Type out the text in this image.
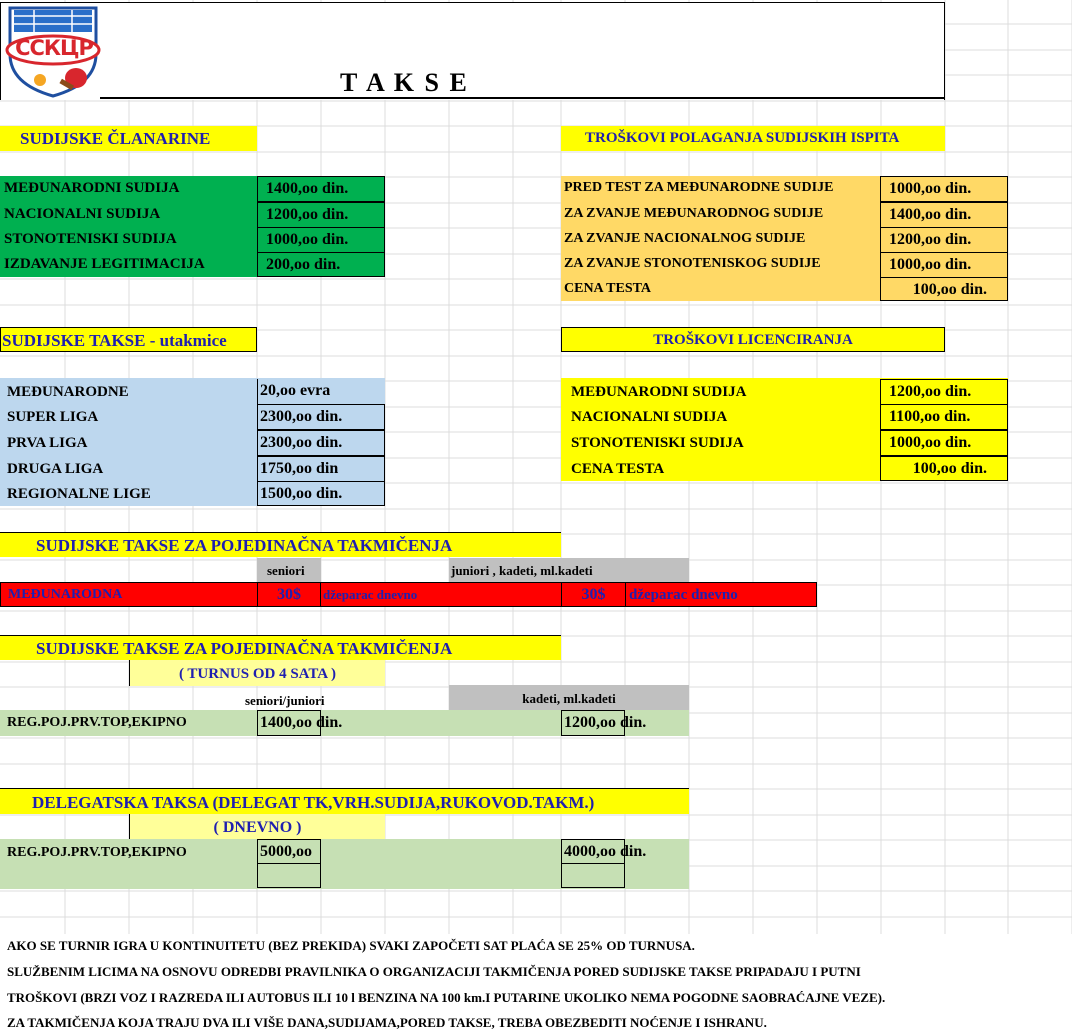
ССКЦР
T A K S E
SUDIJSKE ČLANARINE
MEĐUNARODNI SUDIJA	1400,oo din.
NACIONALNI SUDIJA	1200,oo din.
STONOTENISKI SUDIJA	1000,oo din.
IZDAVANJE LEGITIMACIJA	200,oo din.
TROŠKOVI POLAGANJA SUDIJSKIH ISPITA
PRED TEST ZA MEĐUNARODNE SUDIJE	1000,oo din.
ZA ZVANJE MEĐUNARODNOG SUDIJE	1400,oo din.
ZA ZVANJE NACIONALNOG SUDIJE	1200,oo din.
ZA ZVANJE STONOTENISKOG SUDIJE	1000,oo din.
CENA TESTA	100,oo din.
SUDIJSKE TAKSE - utakmice
MEĐUNARODNE	20,oo evra
SUPER LIGA	2300,oo din.
PRVA LIGA	2300,oo din.
DRUGA LIGA	1750,oo din
REGIONALNE LIGE	1500,oo din.
TROŠKOVI LICENCIRANJA
MEĐUNARODNI SUDIJA	1200,oo din.
NACIONALNI SUDIJA	1100,oo din.
STONOTENISKI SUDIJA	1000,oo din.
CENA TESTA	100,oo din.
SUDIJSKE TAKSE ZA POJEDINAČNA TAKMIČENJA
seniori	juniori , kadeti, ml.kadeti
MEĐUNARODNA	30$	džeparac dnevno	30$	džeparac dnevno
SUDIJSKE TAKSE ZA POJEDINAČNA TAKMIČENJA
( TURNUS OD 4 SATA )
seniori/juniori	kadeti, ml.kadeti
REG.POJ.PRV.TOP,EKIPNO	1400,oo din.	1200,oo din.
DELEGATSKA TAKSA (DELEGAT TK,VRH.SUDIJA,RUKOVOD.TAKM.)
( DNEVNO )
REG.POJ.PRV.TOP,EKIPNO	5000,oo	4000,oo din.
AKO SE TURNIR IGRA U KONTINUITETU (BEZ PREKIDA) SVAKI ZAPOČETI SAT PLAĆA SE 25% OD TURNUSA.
SLUŽBENIM LICIMA NA OSNOVU ODREDBI PRAVILNIKA O ORGANIZACIJI TAKMIČENJA PORED SUDIJSKE TAKSE PRIPADAJU I PUTNI
TROŠKOVI (BRZI VOZ I RAZREDA ILI AUTOBUS ILI 10 l BENZINA NA 100 km.I PUTARINE UKOLIKO NEMA POGODNE SAOBRAĆAJNE VEZE).
ZA TAKMIČENJA KOJA TRAJU DVA ILI VIŠE DANA,SUDIJAMA,PORED TAKSE, TREBA OBEZBEDITI NOĆENJE I ISHRANU.
